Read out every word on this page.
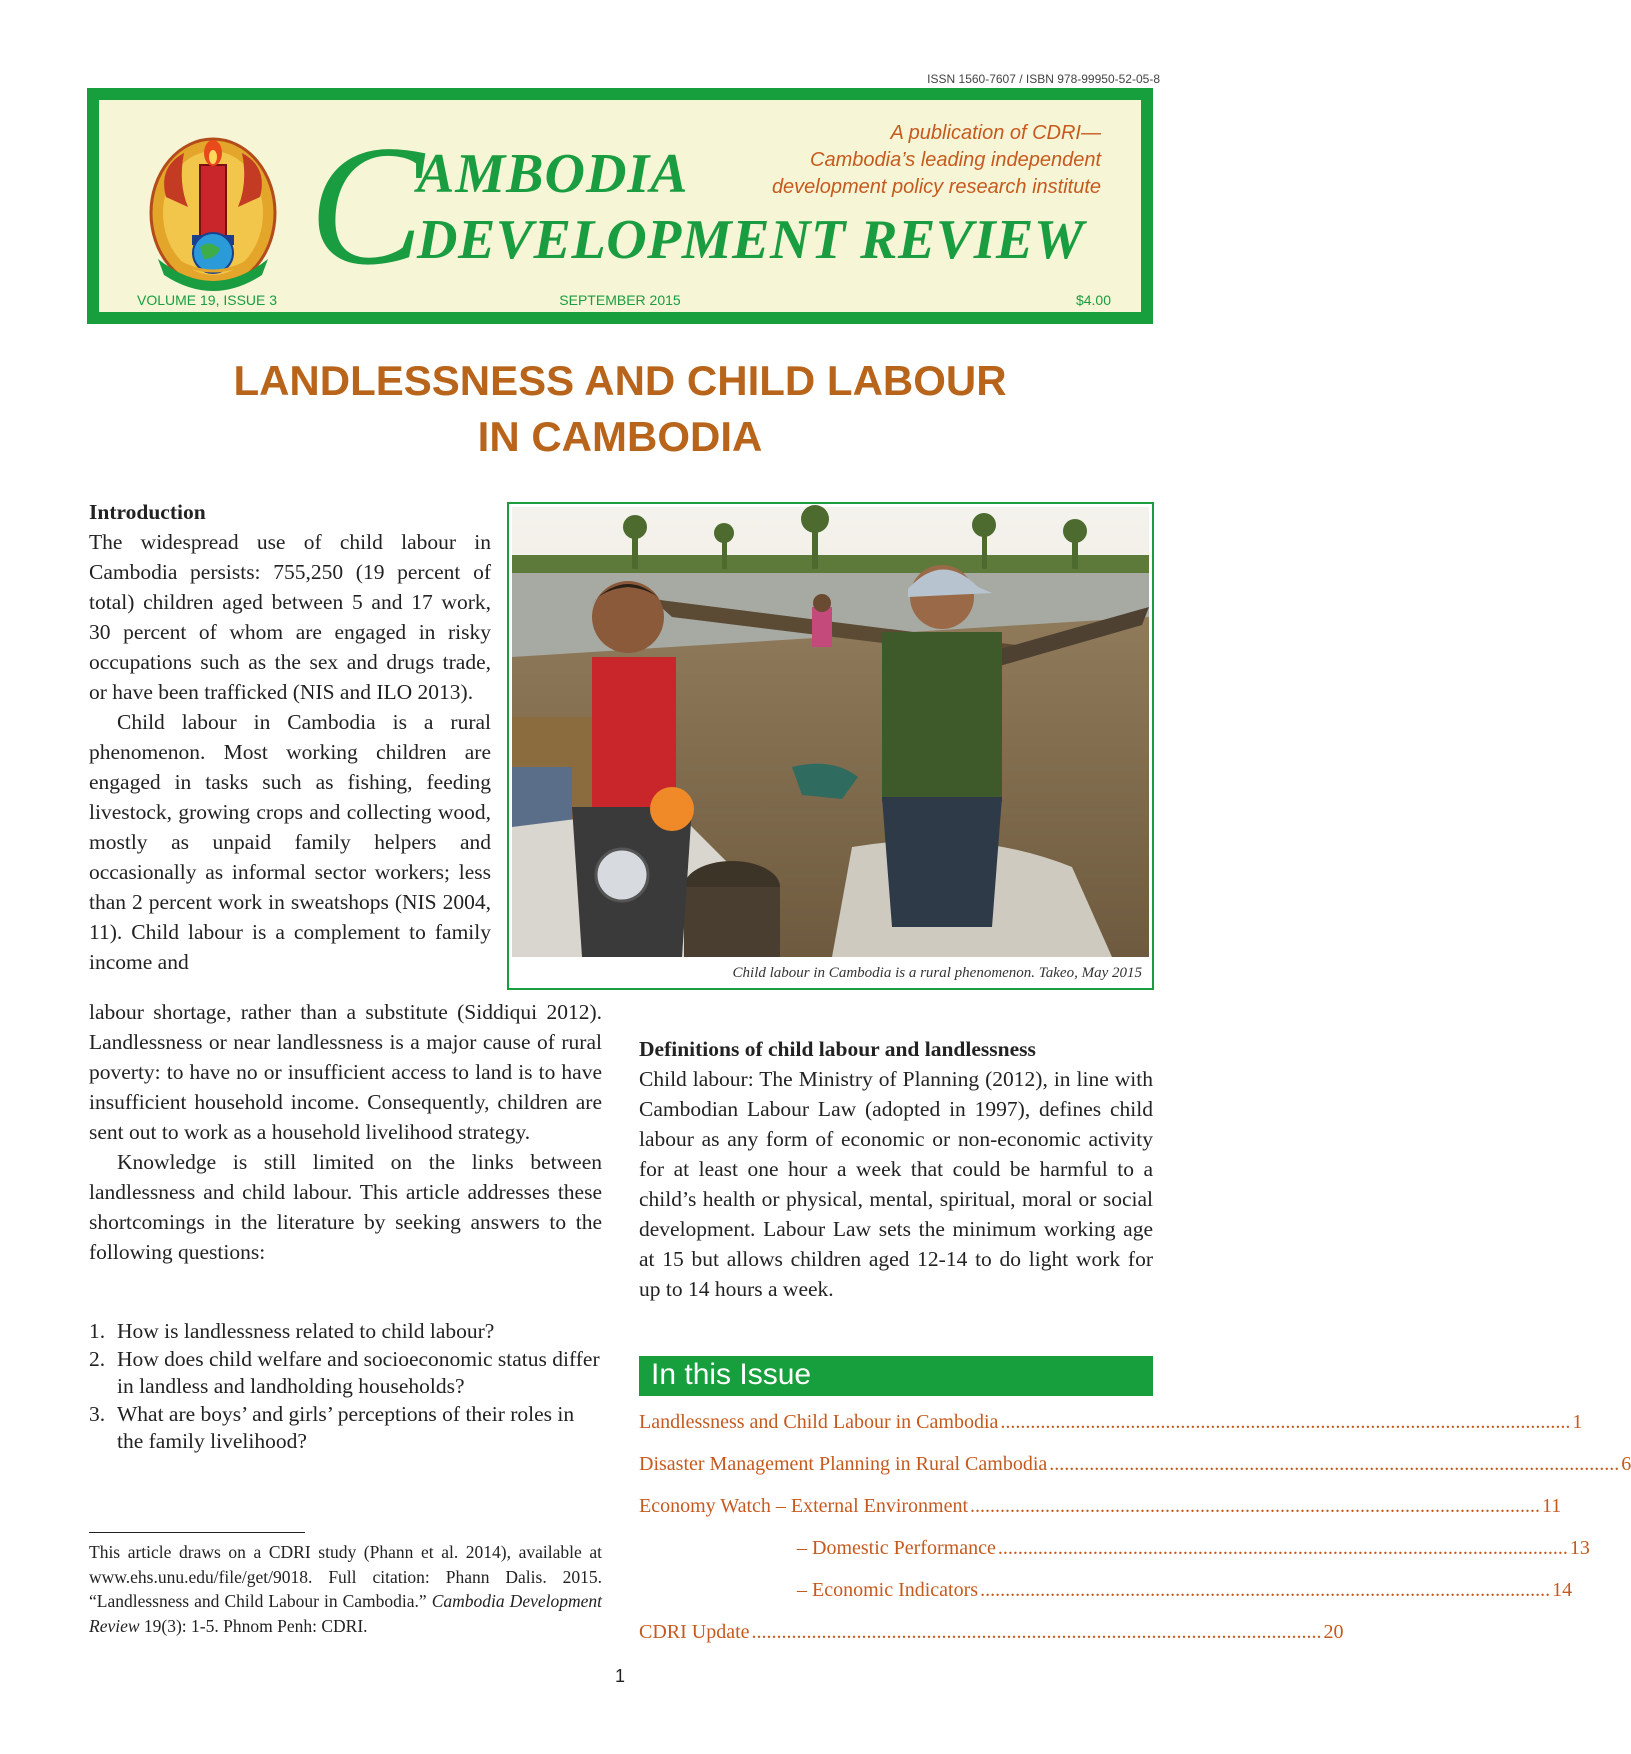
ISSN 1560-7607 / ISBN 978-99950-52-05-8
C
AMBODIA
DEVELOPMENT REVIEW
A publication of CDRI—
Cambodia’s leading independent
development policy research institute
VOLUME 19, ISSUE 3	SEPTEMBER 2015	$4.00
LANDLESSNESS AND CHILD LABOUR
IN CAMBODIA
Introduction

The widespread use of child labour in Cambodia persists: 755,250 (19 percent of total) children aged between 5 and 17 work, 30 percent of whom are engaged in risky occupations such as the sex and drugs trade, or have been trafficked (NIS and ILO 2013).

Child labour in Cambodia is a rural phenomenon. Most working children are engaged in tasks such as fishing, feeding livestock, growing crops and collecting wood, mostly as unpaid family helpers and occasionally as informal sector workers; less than 2 percent work in sweatshops (NIS 2004, 11). Child labour is a complement to family income and

labour shortage, rather than a substitute (Siddiqui 2012). Landlessness or near landlessness is a major cause of rural poverty: to have no or insufficient access to land is to have insufficient household income. Consequently, children are sent out to work as a household livelihood strategy.

Knowledge is still limited on the links between landlessness and child labour. This article addresses these shortcomings in the literature by seeking answers to the following questions:

1. How is landlessness related to child labour?
2. How does child welfare and socioeconomic status differ in landless and landholding households?
3. What are boys’ and girls’ perceptions of their roles in the family livelihood?
Child labour in Cambodia is a rural phenomenon. Takeo, May 2015
Definitions of child labour and landlessness

Child labour: The Ministry of Planning (2012), in line with Cambodian Labour Law (adopted in 1997), defines child labour as any form of economic or non-economic activity for at least one hour a week that could be harmful to a child’s health or physical, mental, spiritual, moral or social development. Labour Law sets the minimum working age at 15 but allows children aged 12-14 to do light work for up to 14 hours a week.

In this Issue
Landlessness and Child Labour in Cambodia .................................................................................................................. 1
Disaster Management Planning in Rural Cambodia .................................................................................................................. 6
Economy Watch – External Environment .................................................................................................................. 11
– Domestic Performance .................................................................................................................. 13
– Economic Indicators .................................................................................................................. 14
CDRI Update .................................................................................................................. 20
This article draws on a CDRI study (Phann et al. 2014), available at www.ehs.unu.edu/file/get/9018. Full citation: Phann Dalis. 2015. “Landlessness and Child Labour in Cambodia.” Cambodia Development Review 19(3): 1-5. Phnom Penh: CDRI.
1
